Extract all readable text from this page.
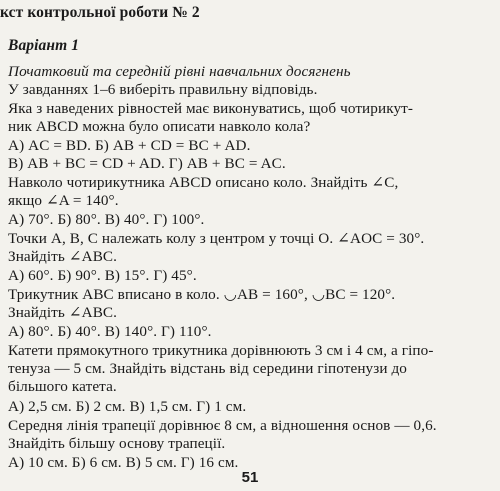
кст контрольної роботи № 2
Варіант 1
Початковий та середній рівні навчальних досягнень
У завданнях 1–6 виберіть правильну відповідь.
Яка з наведених рівностей має виконуватись, щоб чотирикут-
ник ABCD можна було описати навколо кола?
А) AC = BD. Б) AB + CD = BC + AD.
В) AB + BC = CD + AD. Г) AB + BC = AC.
Навколо чотирикутника ABCD описано коло. Знайдіть ∠C,
якщо ∠A = 140°.
А) 70°. Б) 80°. В) 40°. Г) 100°.
Точки A, B, C належать колу з центром у точці O. ∠AOC = 30°.
Знайдіть ∠ABC.
А) 60°. Б) 90°. В) 15°. Г) 45°.
Трикутник ABC вписано в коло. ◡AB = 160°, ◡BC = 120°.
Знайдіть ∠ABC.
А) 80°. Б) 40°. В) 140°. Г) 110°.
Катети прямокутного трикутника дорівнюють 3 см і 4 см, а гіпо-
тенуза — 5 см. Знайдіть відстань від середини гіпотенузи до
більшого катета.
А) 2,5 см. Б) 2 см. В) 1,5 см. Г) 1 см.
Середня лінія трапеції дорівнює 8 см, а відношення основ — 0,6.
Знайдіть більшу основу трапеції.
А) 10 см. Б) 6 см. В) 5 см. Г) 16 см.
51
